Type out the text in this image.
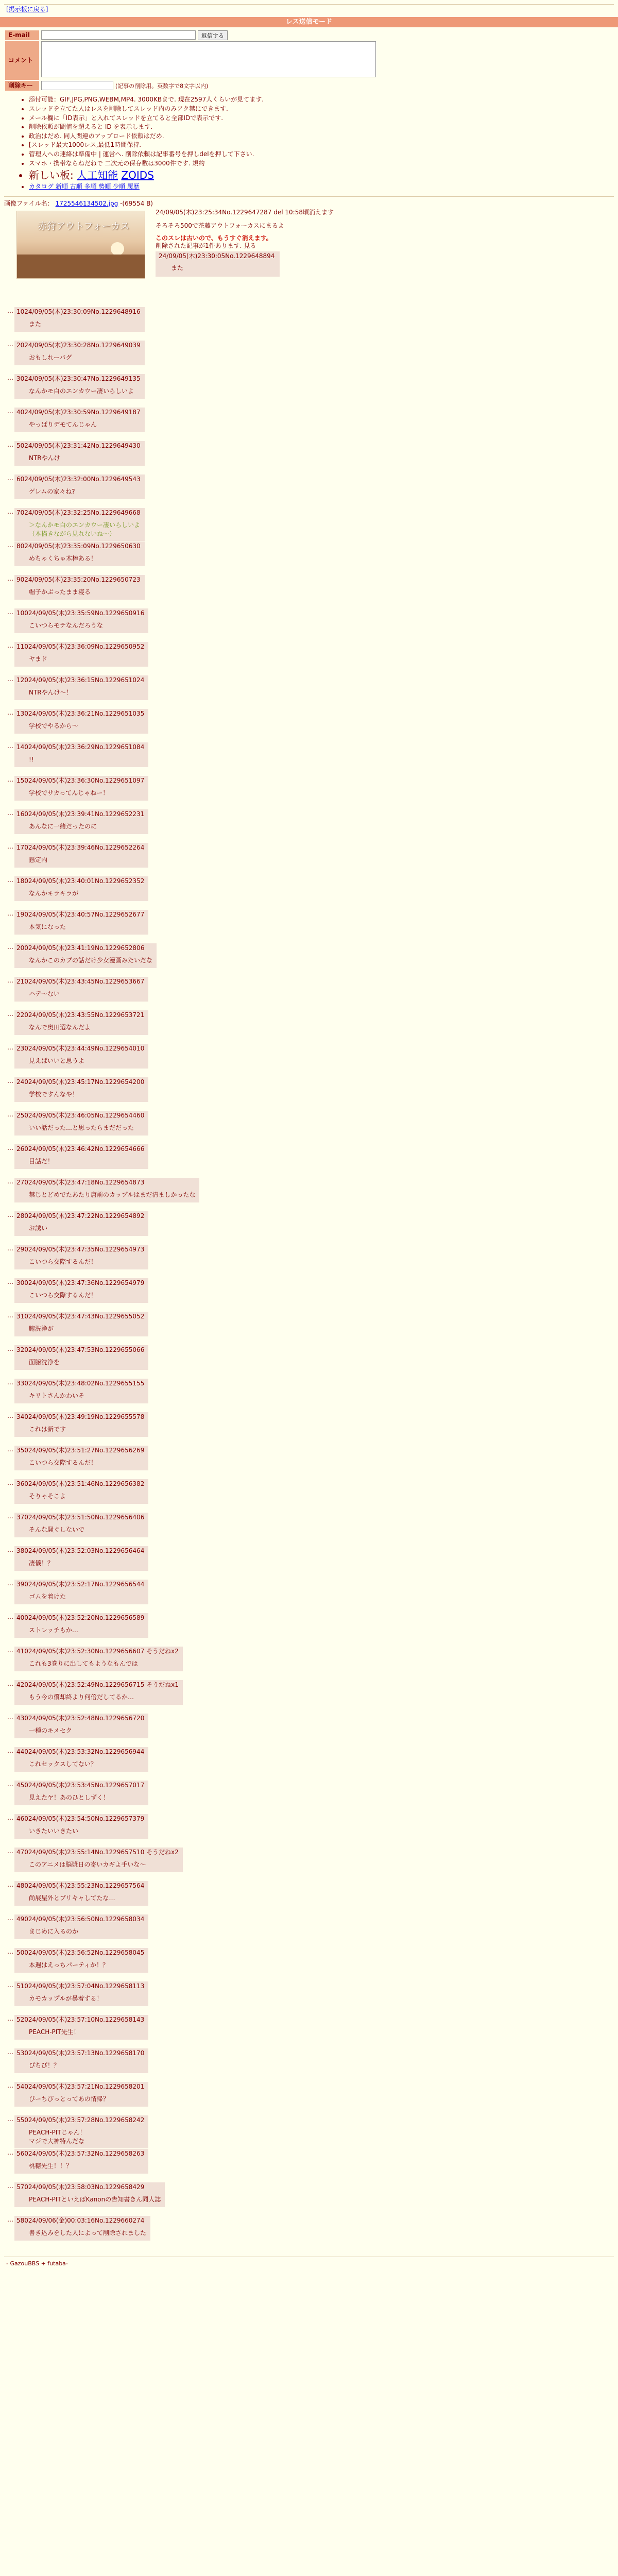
[掲示板に戻る]
レス送信モード
E-mail	返信する
コメント	
削除キー	(記事の削除用。英数字で8文字以内)
• 添付可能：GIF,JPG,PNG,WEBM,MP4. 3000KBまで. 現在2597人くらいが見てます.
• スレッドを立てた人はレスを削除してスレッド内のみアク禁にできます.
• メール欄に「ID表示」と入れてスレッドを立てると全部IDで表示です.
• 削除依頼が閾値を超えると ID を表示します.
• 政治はだめ. 同人関連のアップロード依頼はだめ.
• [スレッド最大1000レス,最低1時間保持.
• 管理人への連絡は準備中 | 運営へ. 削除依頼は記事番号を押しdelを押して下さい.
• スマホ・携帯ならねだねで 二次元の保存数は3000件です. 規約
• 新しい板: 人工知能 ZOIDS
• カタログ 新順 古順 多順 勢順 少順 履歴
画像ファイル名： 1725546134502.jpg -(69554 B)
赤狩アウトフォーカス
24/09/05(木)23:25:34No.1229647287 del 10:58頃消えます

そろそろ500で茶藤アウトフォーカスにまるよ

このスレは古いので、もうすぐ消えます。
削除された記事が1件あります. 見る
24/09/05(木)23:30:05No.1229648894
また
… 1024/09/05(木)23:30:09No.1229648916
また
… 2024/09/05(木)23:30:28No.1229649039
おもしれーバグ
… 3024/09/05(木)23:30:47No.1229649135
なんかモ白のエンカウー凄いらしいよ
… 4024/09/05(木)23:30:59No.1229649187
やっぱりデモてんじゃん
… 5024/09/05(木)23:31:42No.1229649430
NTRやんけ
… 6024/09/05(木)23:32:00No.1229649543
ゲレムの家々ね?
… 7024/09/05(木)23:32:25No.1229649668
＞なんかモ白のエンカウー凄いらしいよ
（本描きながら見れないね〜）
… 8024/09/05(木)23:35:09No.1229650630
めちゃくちゃ木棒ある！
… 9024/09/05(木)23:35:20No.1229650723
帽子かぶったまま寝る
… 10024/09/05(木)23:35:59No.1229650916
こいつらモテなんだろうな
… 11024/09/05(木)23:36:09No.1229650952
ヤまド
… 12024/09/05(木)23:36:15No.1229651024
NTRやんけ〜！
… 13024/09/05(木)23:36:21No.1229651035
学校でやるから〜
… 14024/09/05(木)23:36:29No.1229651084
!!
… 15024/09/05(木)23:36:30No.1229651097
学校でサカってんじゃねー！
… 16024/09/05(木)23:39:41No.1229652231
あんなに一緒だったのに
… 17024/09/05(木)23:39:46No.1229652264
懸定内
… 18024/09/05(木)23:40:01No.1229652352
なんかキラキラが
… 19024/09/05(木)23:40:57No.1229652677
本気になった
… 20024/09/05(木)23:41:19No.1229652806
なんかこのカプの話だけ少女漫画みたいだな
… 21024/09/05(木)23:43:45No.1229653667
ハデ〜ない
… 22024/09/05(木)23:43:55No.1229653721
なんで奥田選なんだよ
… 23024/09/05(木)23:44:49No.1229654010
見えばいいと思うよ
… 24024/09/05(木)23:45:17No.1229654200
学校ですんなや！
… 25024/09/05(木)23:46:05No.1229654460
いい話だった…と思ったらまだだった
… 26024/09/05(木)23:46:42No.1229654666
目話だ！
… 27024/09/05(木)23:47:18No.1229654873
禁じとどめでたあたり唐前のカップルはまだ清ましかったな
… 28024/09/05(木)23:47:22No.1229654892
お誘い
… 29024/09/05(木)23:47:35No.1229654973
こいつら交際するんだ！
… 30024/09/05(木)23:47:36No.1229654979
こいつら交際するんだ！
… 31024/09/05(木)23:47:43No.1229655052
腑洗浄が
… 32024/09/05(木)23:47:53No.1229655066
面腑洗浄を
… 33024/09/05(木)23:48:02No.1229655155
キリトさんかわいそ
… 34024/09/05(木)23:49:19No.1229655578
これは新です
… 35024/09/05(木)23:51:27No.1229656269
こいつら交際するんだ！
… 36024/09/05(木)23:51:46No.1229656382
そりゃそこよ
… 37024/09/05(木)23:51:50No.1229656406
そんな騒ぐしないで
… 38024/09/05(木)23:52:03No.1229656464
凄儀！？
… 39024/09/05(木)23:52:17No.1229656544
ゴムを着けた
… 40024/09/05(木)23:52:20No.1229656589
ストレッチもか…
… 41024/09/05(木)23:52:30No.1229656607 そうだねx2
これも3巻りに出してもようなもんでは
… 42024/09/05(木)23:52:49No.1229656715 そうだねx1
もう今の償却終より何倍だしてるか…
… 43024/09/05(木)23:52:48No.1229656720
一種のキメセク
… 44024/09/05(木)23:53:32No.1229656944
これセックスしてない？
… 45024/09/05(木)23:53:45No.1229657017
見えたヤ！あのひとしずく！
… 46024/09/05(木)23:54:50No.1229657379
いきたいいきたい
… 47024/09/05(木)23:55:14No.1229657510 そうだねx2
このアニメは脳漿日の寄いカギよ手いな〜
… 48024/09/05(木)23:55:23No.1229657564
尚展屋外とプリキャしてたな…
… 49024/09/05(木)23:56:50No.1229658034
まじめに入るのか
… 50024/09/05(木)23:56:52No.1229658045
本週はえっちパーティか！？
… 51024/09/05(木)23:57:04No.1229658113
カモカップルが暴着する！
… 52024/09/05(木)23:57:10No.1229658143
PEACH-PIT先生！
… 53024/09/05(木)23:57:13No.1229658170
ぴちぴ！？
… 54024/09/05(木)23:57:21No.1229658201
ぴーちぴっとってあの情帰？
… 55024/09/05(木)23:57:28No.1229658242
PEACH-PITじゃん！
マジで大神特んだな
… 56024/09/05(木)23:57:32No.1229658263
桃糖先生！！？
… 57024/09/05(木)23:58:03No.1229658429
PEACH-PITといえばKanonの告知書きん同人誌
… 58024/09/06(金)00:03:16No.1229660274
書き込みをした人によって削除されました
- GazouBBS + futaba-
